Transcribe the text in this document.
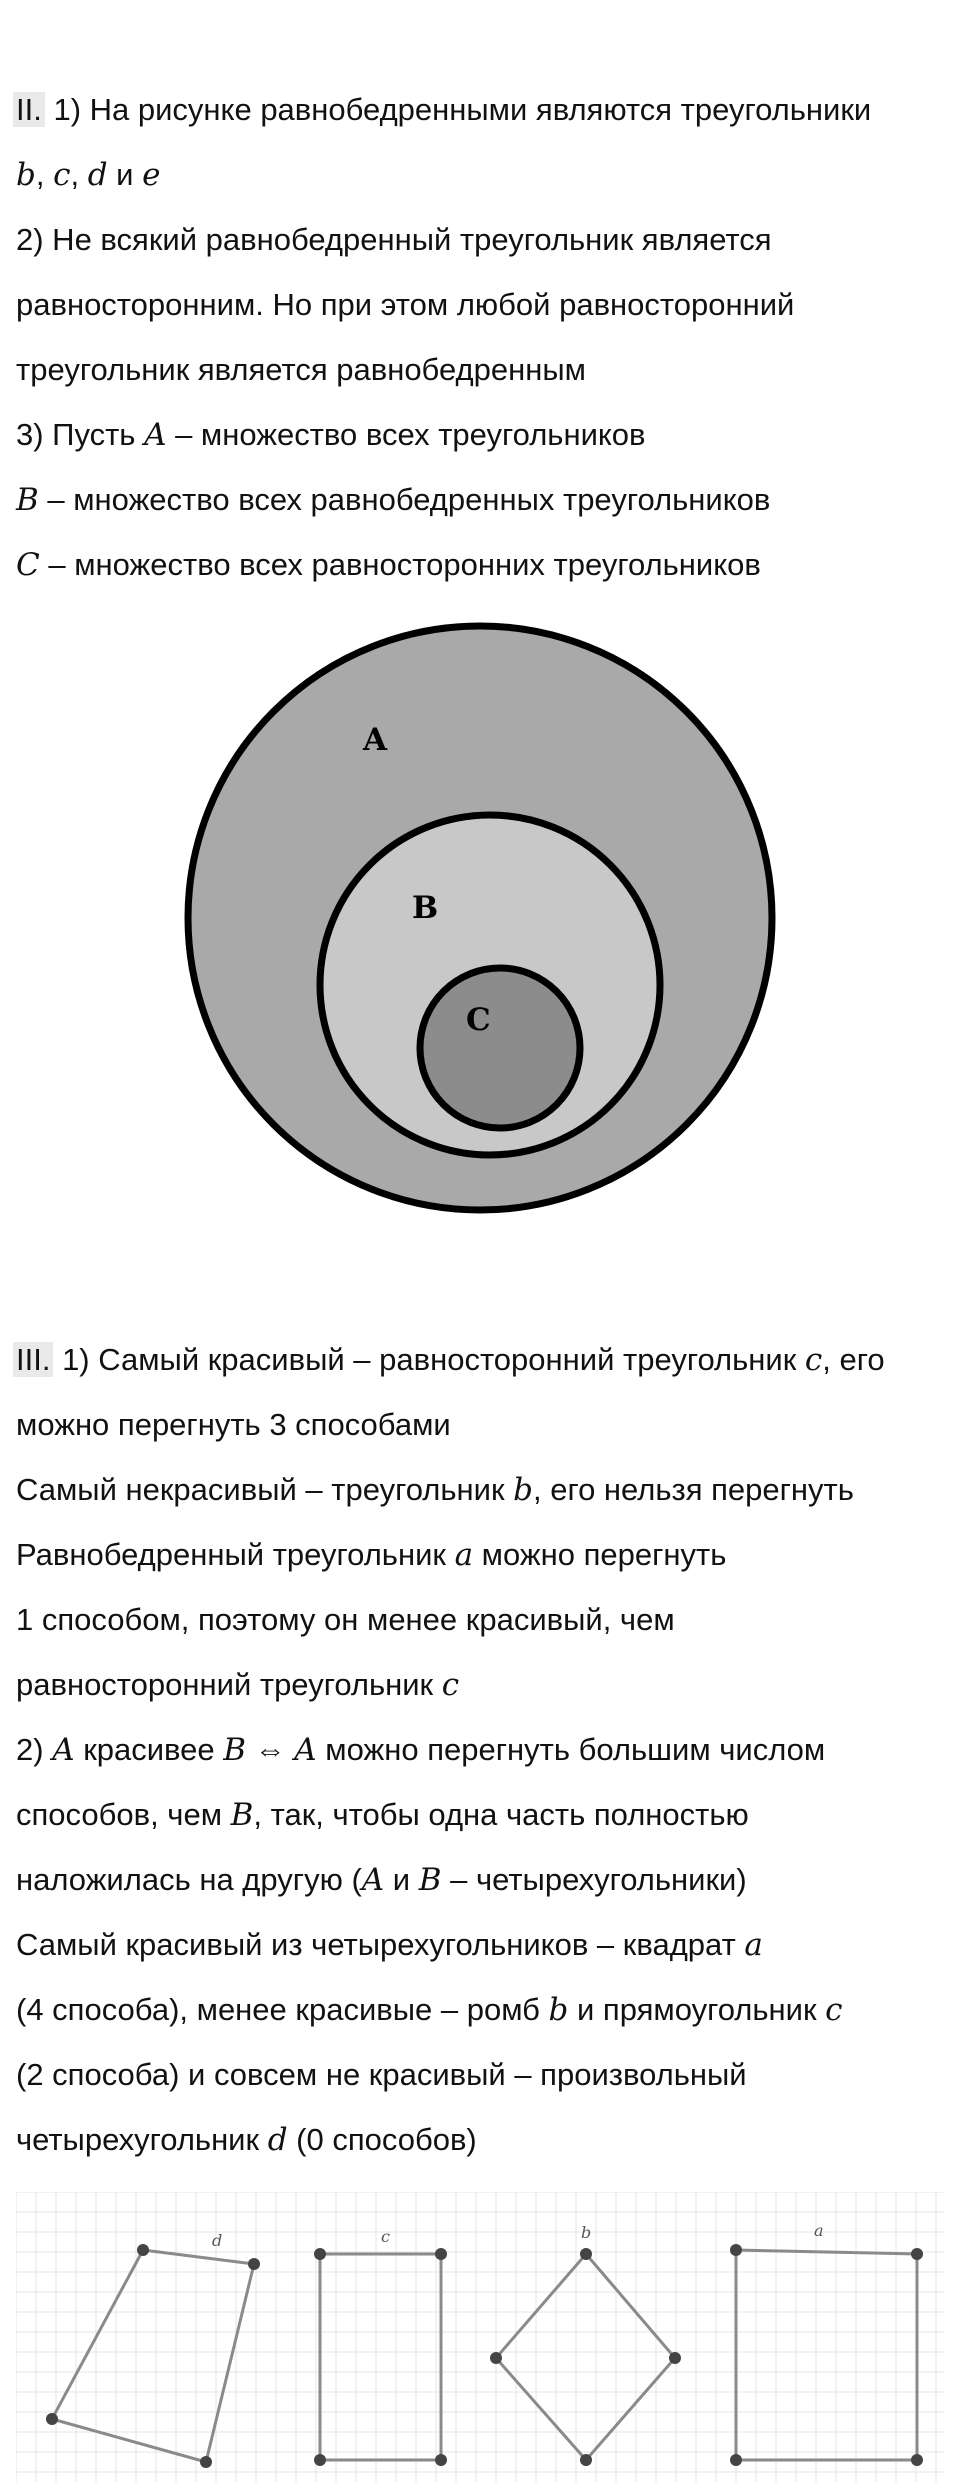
II. 1) На рисунке равнобедренными являются треугольники
b, c, d и e
2) Не всякий равнобедренный треугольник является
равносторонним. Но при этом любой равносторонний
треугольник является равнобедренным
3) Пусть A – множество всех треугольников
B – множество всех равнобедренных треугольников
C – множество всех равносторонних треугольников
A
B
C
III. 1) Самый красивый – равносторонний треугольник c, его
можно перегнуть 3 способами
Самый некрасивый – треугольник b, его нельзя перегнуть
Равнобедренный треугольник a можно перегнуть
1 способом, поэтому он менее красивый, чем
равносторонний треугольник c
2) A красивее B ⇔ A можно перегнуть большим числом
способов, чем B, так, чтобы одна часть полностью
наложилась на другую (A и B – четырехугольники)
Самый красивый из четырехугольников – квадрат a
(4 способа), менее красивые – ромб b и прямоугольник c
(2 способа) и совсем не красивый – произвольный
четырехугольник d (0 способов)
d	c	b	a
